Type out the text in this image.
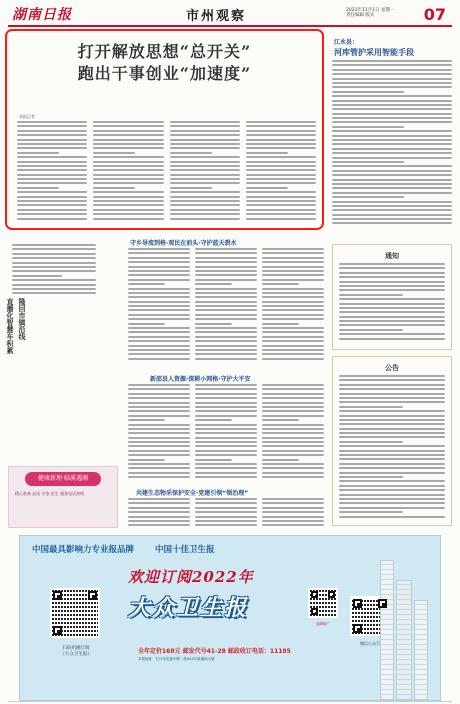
湖南日报	市州观察	2021年11月1日 星期一
责任编辑 版式	07
打开解放思想“总开关”
跑出干事创业“加速度”
本报记者
江永县：
河库管护采用智能手段
通知
公告
隆回市镇沿线
直播化智慧车积累
健康新理·临溪遇湘
精心准备 品质 专家 医生 服务电话热线
守乡导流到格·观民在前头·守护蓝天碧水
新邵县人资源·深耕小网格·守护大平安
共建生态物采保护安全·党建引领“领治理”
中国最具影响力专业报品牌 中国十佳卫生报
欢迎订阅2022年
大众卫生报
全年定价168元 邮发代号41-28 邮政收订电话：11185
本报地址：长沙市芙蓉中路一段442号新湖南大厦
扫码用湘订阅
《大众卫生报》
品牌推广
微信公众号
